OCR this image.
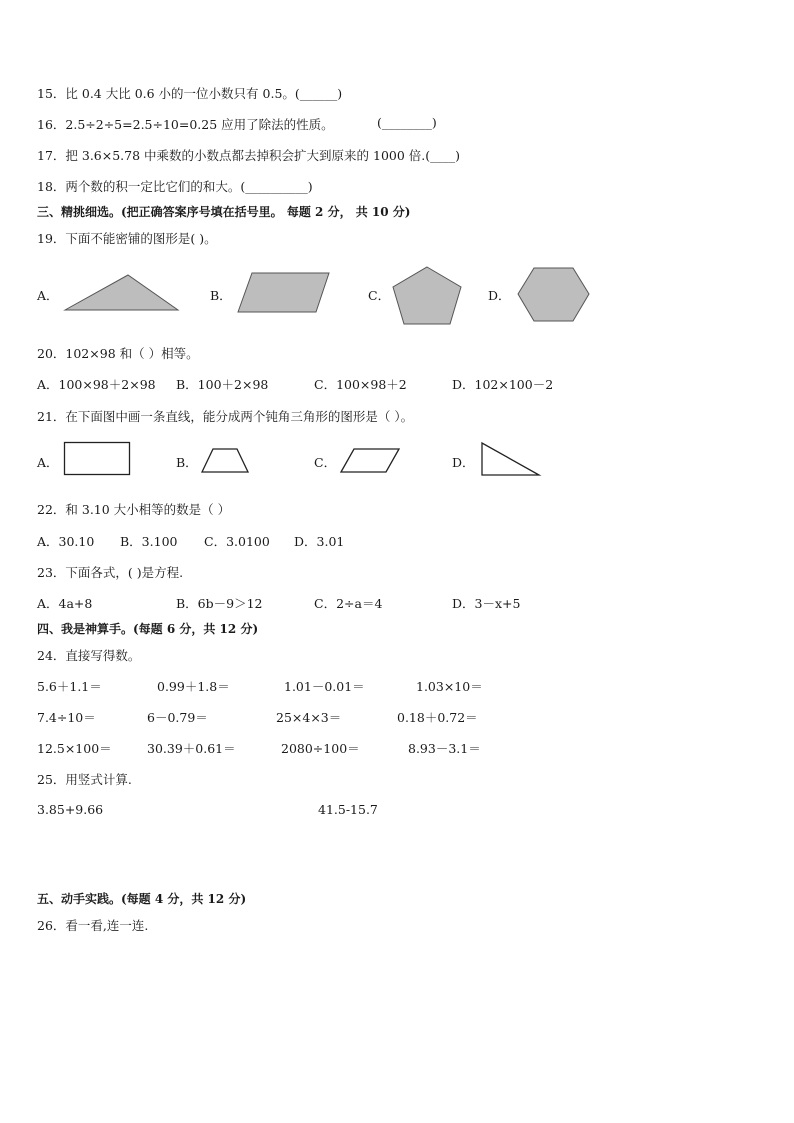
15．比 0.4 大比 0.6 小的一位小数只有 0.5。(______)
16．2.5÷2÷5=2.5÷10=0.25 应用了除法的性质。	(________)
17．把 3.6×5.78 中乘数的小数点都去掉积会扩大到原来的 1000 倍.(____)
18．两个数的积一定比它们的和大。(__________)
三、精挑细选。(把正确答案序号填在括号里。 每题 2 分， 共 10 分)
19．下面不能密铺的图形是( )。
A．	B．	C．	D．
20．102×98 和（ ）相等。
A．100×98＋2×98 B．100＋2×98	C．100×98＋2	D．102×100－2
21．在下面图中画一条直线，能分成两个钝角三角形的图形是（ ）。
A．	B．	C．	D．
22．和 3.10 大小相等的数是（ ）
A．30.10 B．3.100 C．3.0100 D．3.01
23．下面各式，( )是方程.
A．4a+8	B．6b－9＞12	C．2÷a＝4	D．3－x+5
四、我是神算手。(每题 6 分，共 12 分)
24．直接写得数。
5.6＋1.1＝	0.99＋1.8＝	1.01－0.01＝	1.03×10＝
7.4÷10＝	6－0.79＝	25×4×3＝	0.18＋0.72＝
12.5×100＝	30.39＋0.61＝	2080÷100＝	8.93－3.1＝
25．用竖式计算.
3.85+9.66	41.5-15.7
五、动手实践。(每题 4 分，共 12 分)
26．看一看,连一连.
